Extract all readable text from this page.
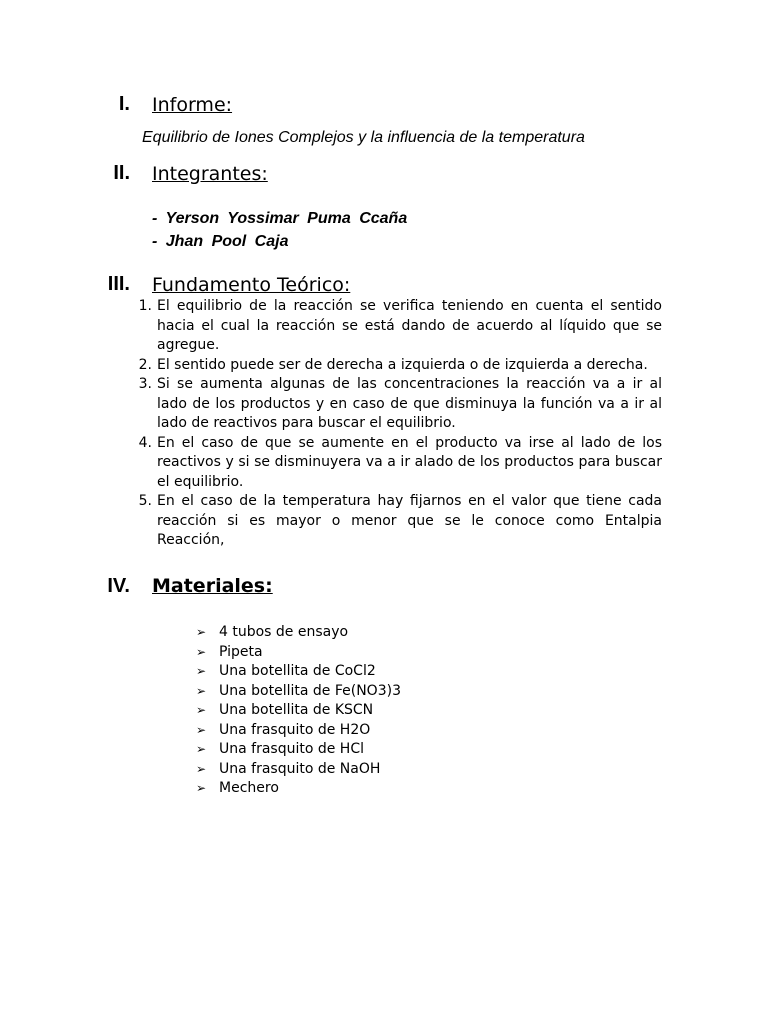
I. Informe:
Equilibrio de Iones Complejos y la influencia de la temperatura
II. Integrantes:
- Yerson Yossimar Puma Ccaña
- Jhan Pool Caja
III. Fundamento Teórico:
1. El equilibrio de la reacción se verifica teniendo en cuenta el sentido hacia el cual la reacción se está dando de acuerdo al líquido que se agregue.
2. El sentido puede ser de derecha a izquierda o de izquierda a derecha.
3. Si se aumenta algunas de las concentraciones la reacción va a ir al lado de los productos y en caso de que disminuya la función va a ir al lado de reactivos para buscar el equilibrio.
4. En el caso de que se aumente en el producto va irse al lado de los reactivos y si se disminuyera va a ir alado de los productos para buscar el equilibrio.
5. En el caso de la temperatura hay fijarnos en el valor que tiene cada reacción si es mayor o menor que se le conoce como Entalpia Reacción,
IV. Materiales:
➢ 4 tubos de ensayo
➢ Pipeta
➢ Una botellita de CoCl2
➢ Una botellita de Fe(NO3)3
➢ Una botellita de KSCN
➢ Una frasquito de H2O
➢ Una frasquito de HCl
➢ Una frasquito de NaOH
➢ Mechero
